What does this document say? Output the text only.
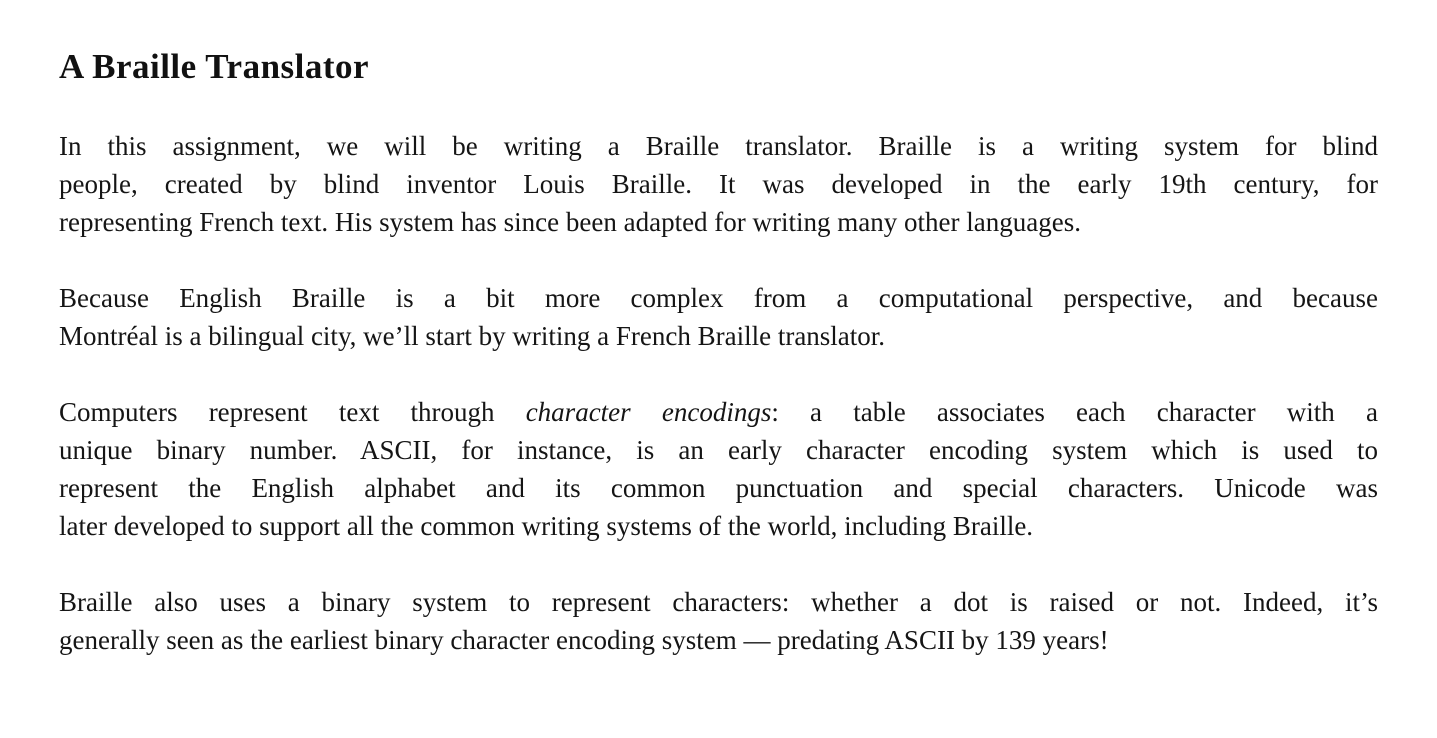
A Braille Translator
In this assignment, we will be writing a Braille translator. Braille is a writing system for blind
people, created by blind inventor Louis Braille. It was developed in the early 19th century, for
representing French text. His system has since been adapted for writing many other languages.
Because English Braille is a bit more complex from a computational perspective, and because
Montréal is a bilingual city, we’ll start by writing a French Braille translator.
Computers represent text through character encodings: a table associates each character with a
unique binary number. ASCII, for instance, is an early character encoding system which is used to
represent the English alphabet and its common punctuation and special characters. Unicode was
later developed to support all the common writing systems of the world, including Braille.
Braille also uses a binary system to represent characters: whether a dot is raised or not. Indeed, it’s
generally seen as the earliest binary character encoding system — predating ASCII by 139 years!
